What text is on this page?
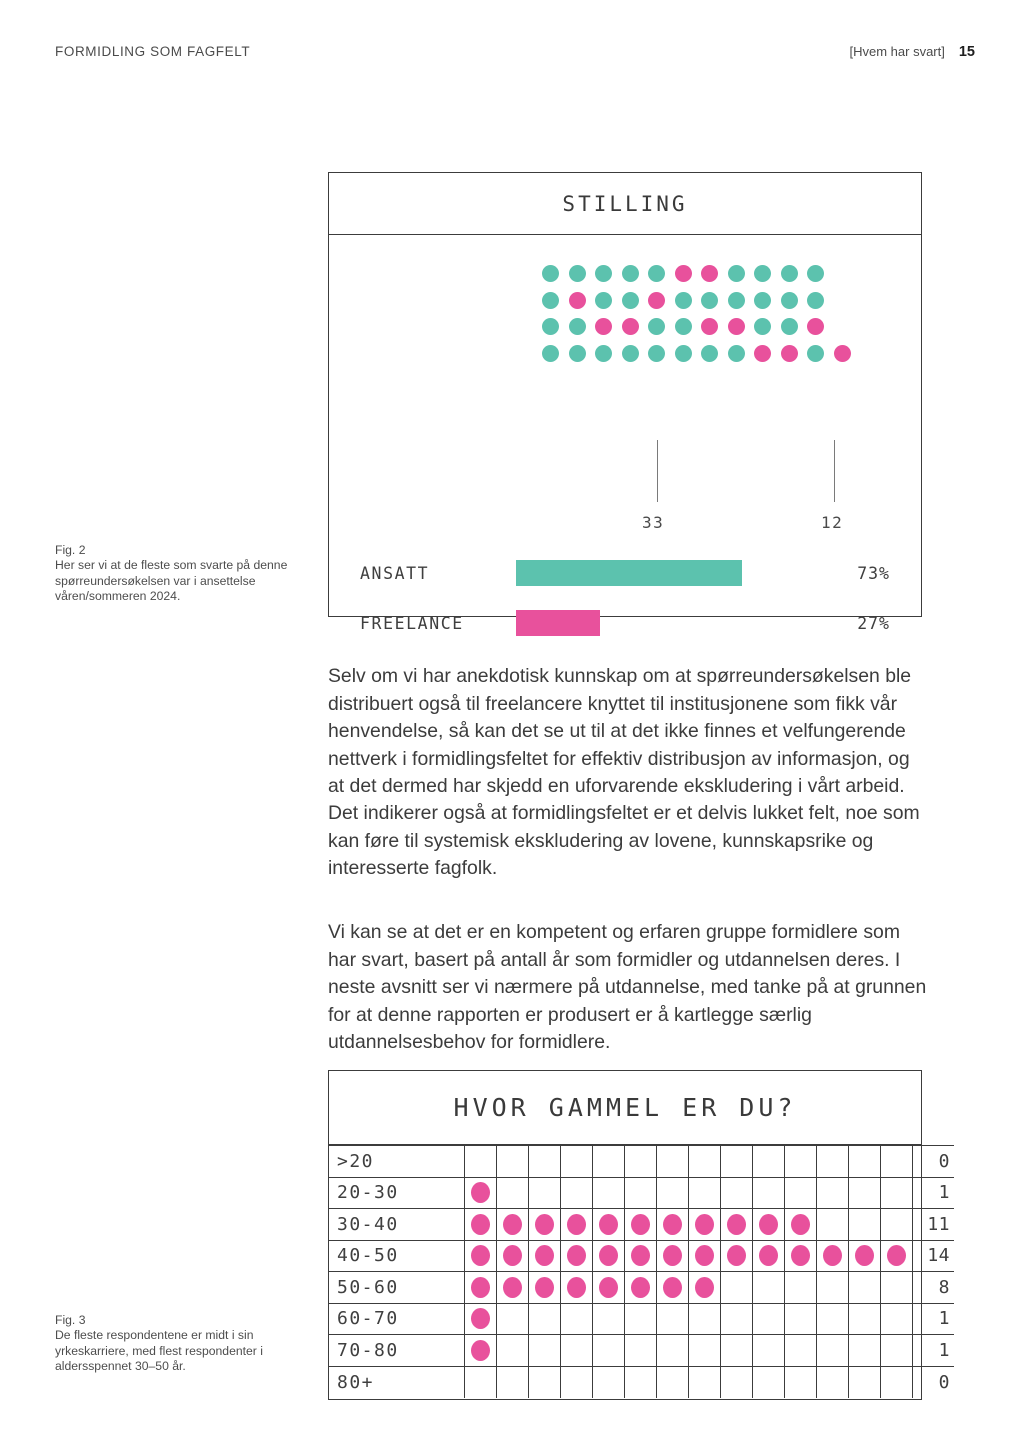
FORMIDLING SOM FAGFELT	[Hvem har svart] 15
Fig. 2
Her ser vi at de fleste som svarte på denne spørreundersøkelsen var i ansettelse våren/sommeren 2024.
STILLING
33	12
ANSATT	73%
FREELANCE	27%

Selv om vi har anekdotisk kunnskap om at spørreundersøkelsen ble distribuert også til freelancere knyttet til institusjonene som fikk vår henvendelse, så kan det se ut til at det ikke finnes et velfungerende nettverk i formidlingsfeltet for effektiv distribusjon av informasjon, og at det dermed har skjedd en uforvarende ekskludering i vårt arbeid. Det indikerer også at formidlingsfeltet er et delvis lukket felt, noe som kan føre til systemisk ekskludering av lovene, kunnskapsrike og interesserte fagfolk.

Vi kan se at det er en kompetent og erfaren gruppe formidlere som har svart, basert på antall år som formidler og utdannelsen deres. I neste avsnitt ser vi nærmere på utdannelse, med tanke på at grunnen for at denne rapporten er produsert er å kartlegge særlig utdannelsesbehov for formidlere.

Fig. 3
De fleste respondentene er midt i sin yrkeskarriere, med flest respondenter i aldersspennet 30–50 år.
HVOR GAMMEL ER DU?
>20															0
20-30															1
30-40															11
40-50															14
50-60															8
60-70															1
70-80															1
80+															0
